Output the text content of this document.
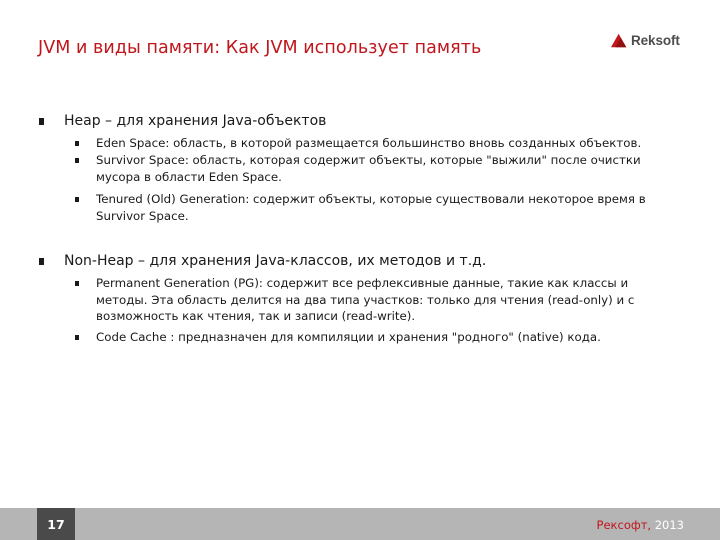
JVM и виды памяти: Как JVM использует память	Reksoft
Heap – для хранения Java-объектов
Eden Space: область, в которой размещается большинство вновь созданных объектов.
Survivor Space: область, которая содержит объекты, которые "выжили" после очистки мусора в области Eden Space.
Tenured (Old) Generation: содержит объекты, которые существовали некоторое время в Survivor Space.
Non-Heap – для хранения Java-классов, их методов и т.д.
Permanent Generation (PG): содержит все рефлексивные данные, такие как классы и методы. Эта область делится на два типа участков: только для чтения (read-only) и с возможность как чтения, так и записи (read-write).
Code Cache : предназначен для компиляции и хранения "родного" (native) кода.
17	Рексофт, 2013
